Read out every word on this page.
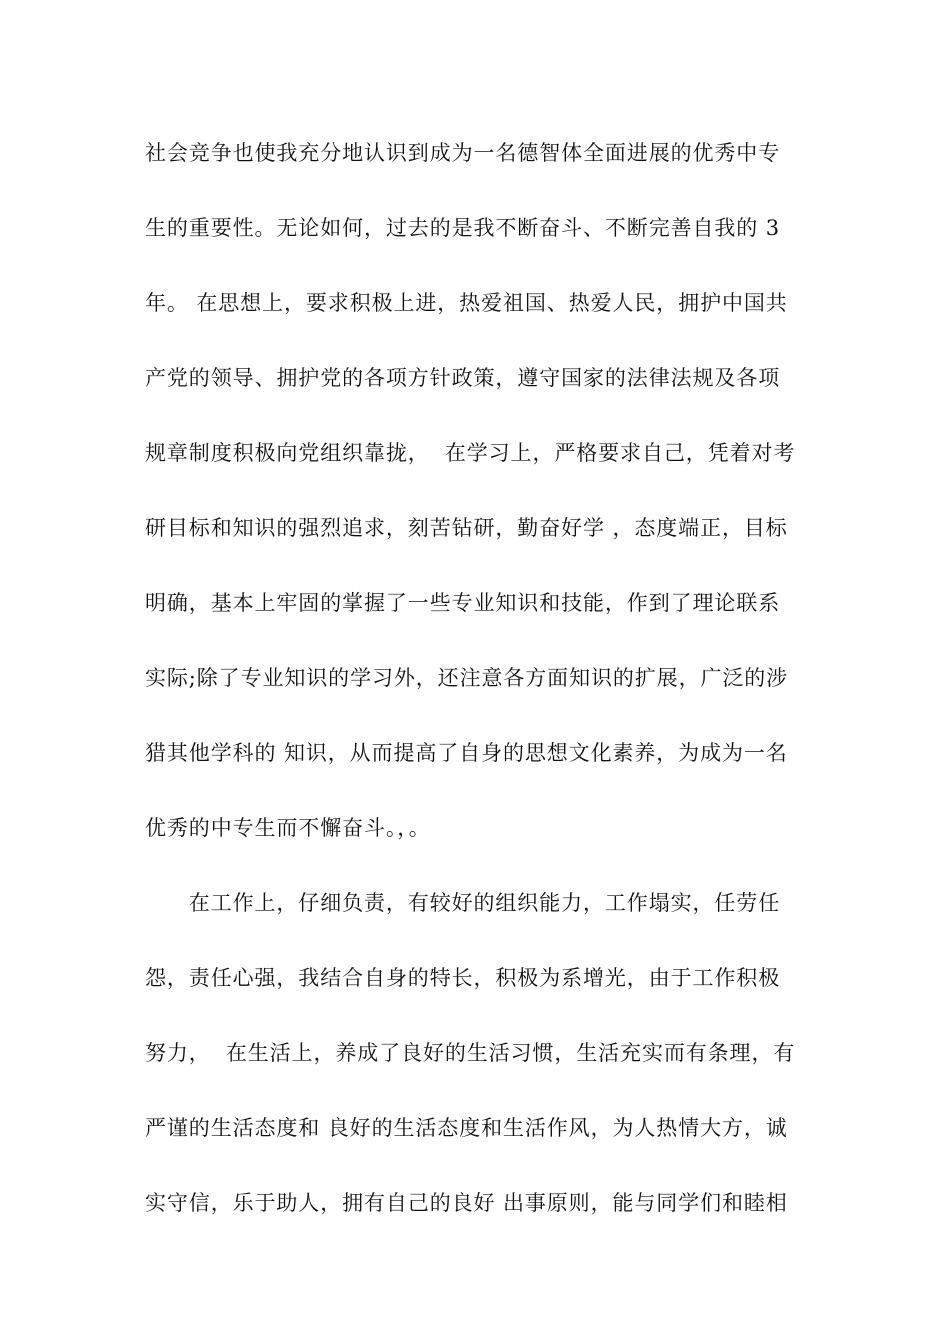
社会竞争也使我充分地认识到成为一名德智体全面进展的优秀中专
生的重要性。无论如何，过去的是我不断奋斗、不断完善自我的 3
年。 在思想上，要求积极上进，热爱祖国、热爱人民，拥护中国共
产党的领导、拥护党的各项方针政策，遵守国家的法律法规及各项
规章制度积极向党组织靠拢，  在学习上，严格要求自己，凭着对考
研目标和知识的强烈追求，刻苦钻研，勤奋好学 ，态度端正，目标
明确，基本上牢固的掌握了一些专业知识和技能，作到了理论联系
实际;除了专业知识的学习外，还注意各方面知识的扩展，广泛的涉
猎其他学科的 知识，从而提高了自身的思想文化素养，为成为一名
优秀的中专生而不懈奋斗。，。
　　在工作上，仔细负责，有较好的组织能力，工作塌实，任劳任
怨，责任心强，我结合自身的特长，积极为系增光，由于工作积极
努力，  在生活上，养成了良好的生活习惯，生活充实而有条理，有
严谨的生活态度和 良好的生活态度和生活作风，为人热情大方，诚
实守信，乐于助人，拥有自己的良好 出事原则，能与同学们和睦相
